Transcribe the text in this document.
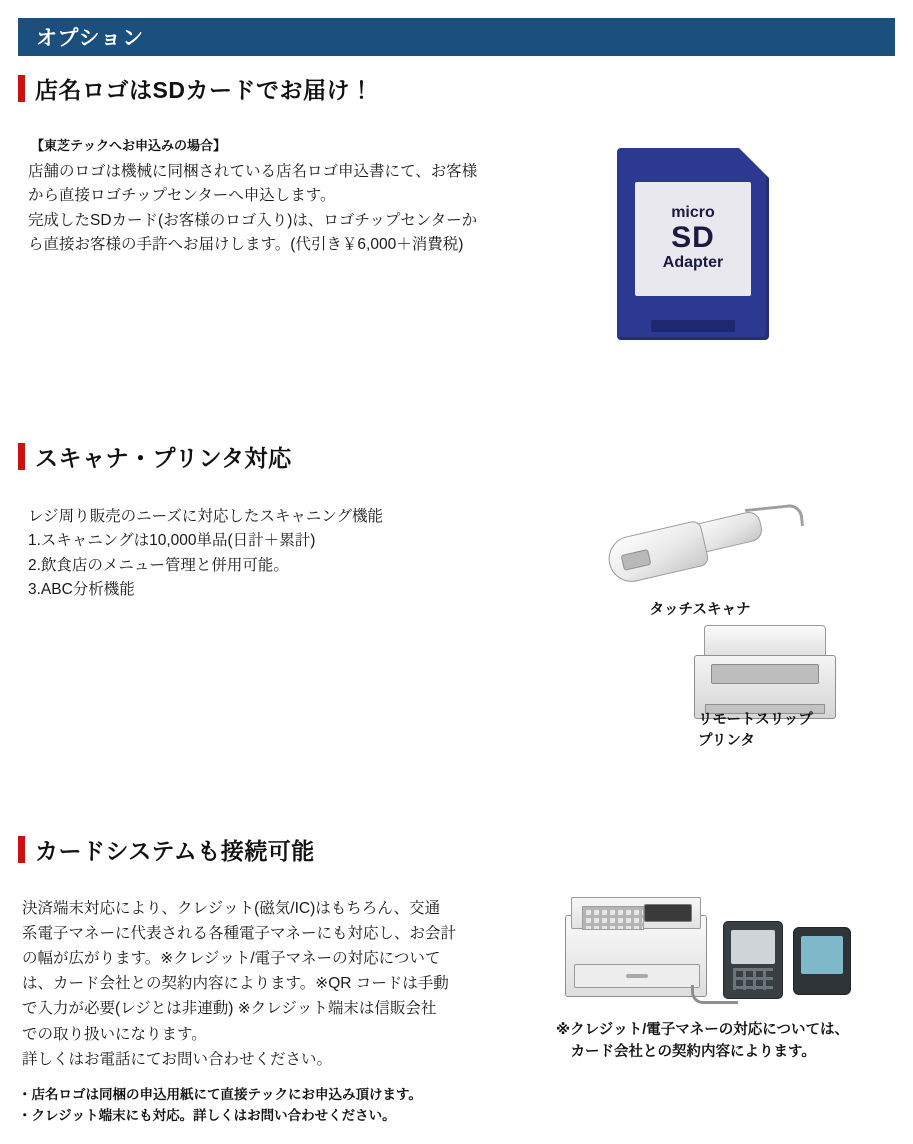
オプション
店名ロゴはSDカードでお届け！
【東芝テックへお申込みの場合】
店舗のロゴは機械に同梱されている店名ロゴ申込書にて、お客様
から直接ロゴチップセンターへ申込します。
完成したSDカード(お客様のロゴ入り)は、ロゴチップセンターか
ら直接お客様の手許へお届けします。(代引き￥6,000＋消費税)
micro
SD
Adapter
スキャナ・プリンタ対応
レジ周り販売のニーズに対応したスキャニング機能
1.スキャニングは10,000単品(日計＋累計)
2.飲食店のメニュー管理と併用可能。
3.ABC分析機能
タッチスキャナ
リモートスリップ
プリンタ
カードシステムも接続可能
決済端末対応により、クレジット(磁気/IC)はもちろん、交通
系電子マネーに代表される各種電子マネーにも対応し、お会計
の幅が広がります。※クレジット/電子マネーの対応について
は、カード会社との契約内容によります。※QR コードは手動
で入力が必要(レジとは非連動) ※クレジット端末は信販会社
での取り扱いになります。
詳しくはお電話にてお問い合わせください。
・店名ロゴは同梱の申込用紙にて直接テックにお申込み頂けます。
・クレジット端末にも対応。詳しくはお問い合わせください。
※クレジット/電子マネーの対応については、
　カード会社との契約内容によります。
